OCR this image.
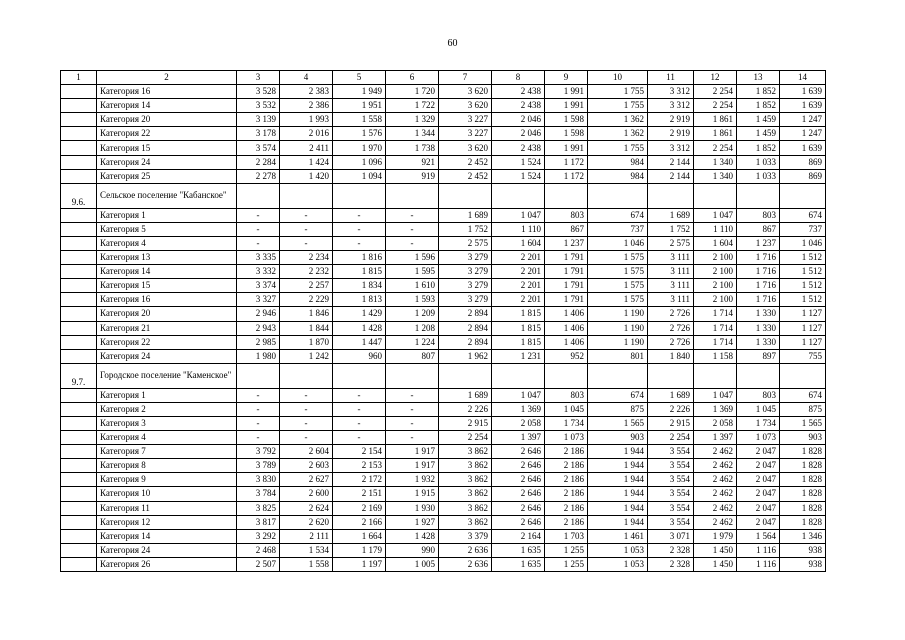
60
1	2	3	4	5	6	7	8	9	10	11	12	13	14
	Категория 16	3 528	2 383	1 949	1 720	3 620	2 438	1 991	1 755	3 312	2 254	1 852	1 639
	Категория 14	3 532	2 386	1 951	1 722	3 620	2 438	1 991	1 755	3 312	2 254	1 852	1 639
	Категория 20	3 139	1 993	1 558	1 329	3 227	2 046	1 598	1 362	2 919	1 861	1 459	1 247
	Категория 22	3 178	2 016	1 576	1 344	3 227	2 046	1 598	1 362	2 919	1 861	1 459	1 247
	Категория 15	3 574	2 411	1 970	1 738	3 620	2 438	1 991	1 755	3 312	2 254	1 852	1 639
	Категория 24	2 284	1 424	1 096	921	2 452	1 524	1 172	984	2 144	1 340	1 033	869
	Категория 25	2 278	1 420	1 094	919	2 452	1 524	1 172	984	2 144	1 340	1 033	869
9.6.	Сельское поселение "Кабанское"												
	Категория 1	-	-	-	-	1 689	1 047	803	674	1 689	1 047	803	674
	Категория 5	-	-	-	-	1 752	1 110	867	737	1 752	1 110	867	737
	Категория 4	-	-	-	-	2 575	1 604	1 237	1 046	2 575	1 604	1 237	1 046
	Категория 13	3 335	2 234	1 816	1 596	3 279	2 201	1 791	1 575	3 111	2 100	1 716	1 512
	Категория 14	3 332	2 232	1 815	1 595	3 279	2 201	1 791	1 575	3 111	2 100	1 716	1 512
	Категория 15	3 374	2 257	1 834	1 610	3 279	2 201	1 791	1 575	3 111	2 100	1 716	1 512
	Категория 16	3 327	2 229	1 813	1 593	3 279	2 201	1 791	1 575	3 111	2 100	1 716	1 512
	Категория 20	2 946	1 846	1 429	1 209	2 894	1 815	1 406	1 190	2 726	1 714	1 330	1 127
	Категория 21	2 943	1 844	1 428	1 208	2 894	1 815	1 406	1 190	2 726	1 714	1 330	1 127
	Категория 22	2 985	1 870	1 447	1 224	2 894	1 815	1 406	1 190	2 726	1 714	1 330	1 127
	Категория 24	1 980	1 242	960	807	1 962	1 231	952	801	1 840	1 158	897	755
9.7.	Городское поселение "Каменское"												
	Категория 1	-	-	-	-	1 689	1 047	803	674	1 689	1 047	803	674
	Категория 2	-	-	-	-	2 226	1 369	1 045	875	2 226	1 369	1 045	875
	Категория 3	-	-	-	-	2 915	2 058	1 734	1 565	2 915	2 058	1 734	1 565
	Категория 4	-	-	-	-	2 254	1 397	1 073	903	2 254	1 397	1 073	903
	Категория 7	3 792	2 604	2 154	1 917	3 862	2 646	2 186	1 944	3 554	2 462	2 047	1 828
	Категория 8	3 789	2 603	2 153	1 917	3 862	2 646	2 186	1 944	3 554	2 462	2 047	1 828
	Категория 9	3 830	2 627	2 172	1 932	3 862	2 646	2 186	1 944	3 554	2 462	2 047	1 828
	Категория 10	3 784	2 600	2 151	1 915	3 862	2 646	2 186	1 944	3 554	2 462	2 047	1 828
	Категория 11	3 825	2 624	2 169	1 930	3 862	2 646	2 186	1 944	3 554	2 462	2 047	1 828
	Категория 12	3 817	2 620	2 166	1 927	3 862	2 646	2 186	1 944	3 554	2 462	2 047	1 828
	Категория 14	3 292	2 111	1 664	1 428	3 379	2 164	1 703	1 461	3 071	1 979	1 564	1 346
	Категория 24	2 468	1 534	1 179	990	2 636	1 635	1 255	1 053	2 328	1 450	1 116	938
	Категория 26	2 507	1 558	1 197	1 005	2 636	1 635	1 255	1 053	2 328	1 450	1 116	938
